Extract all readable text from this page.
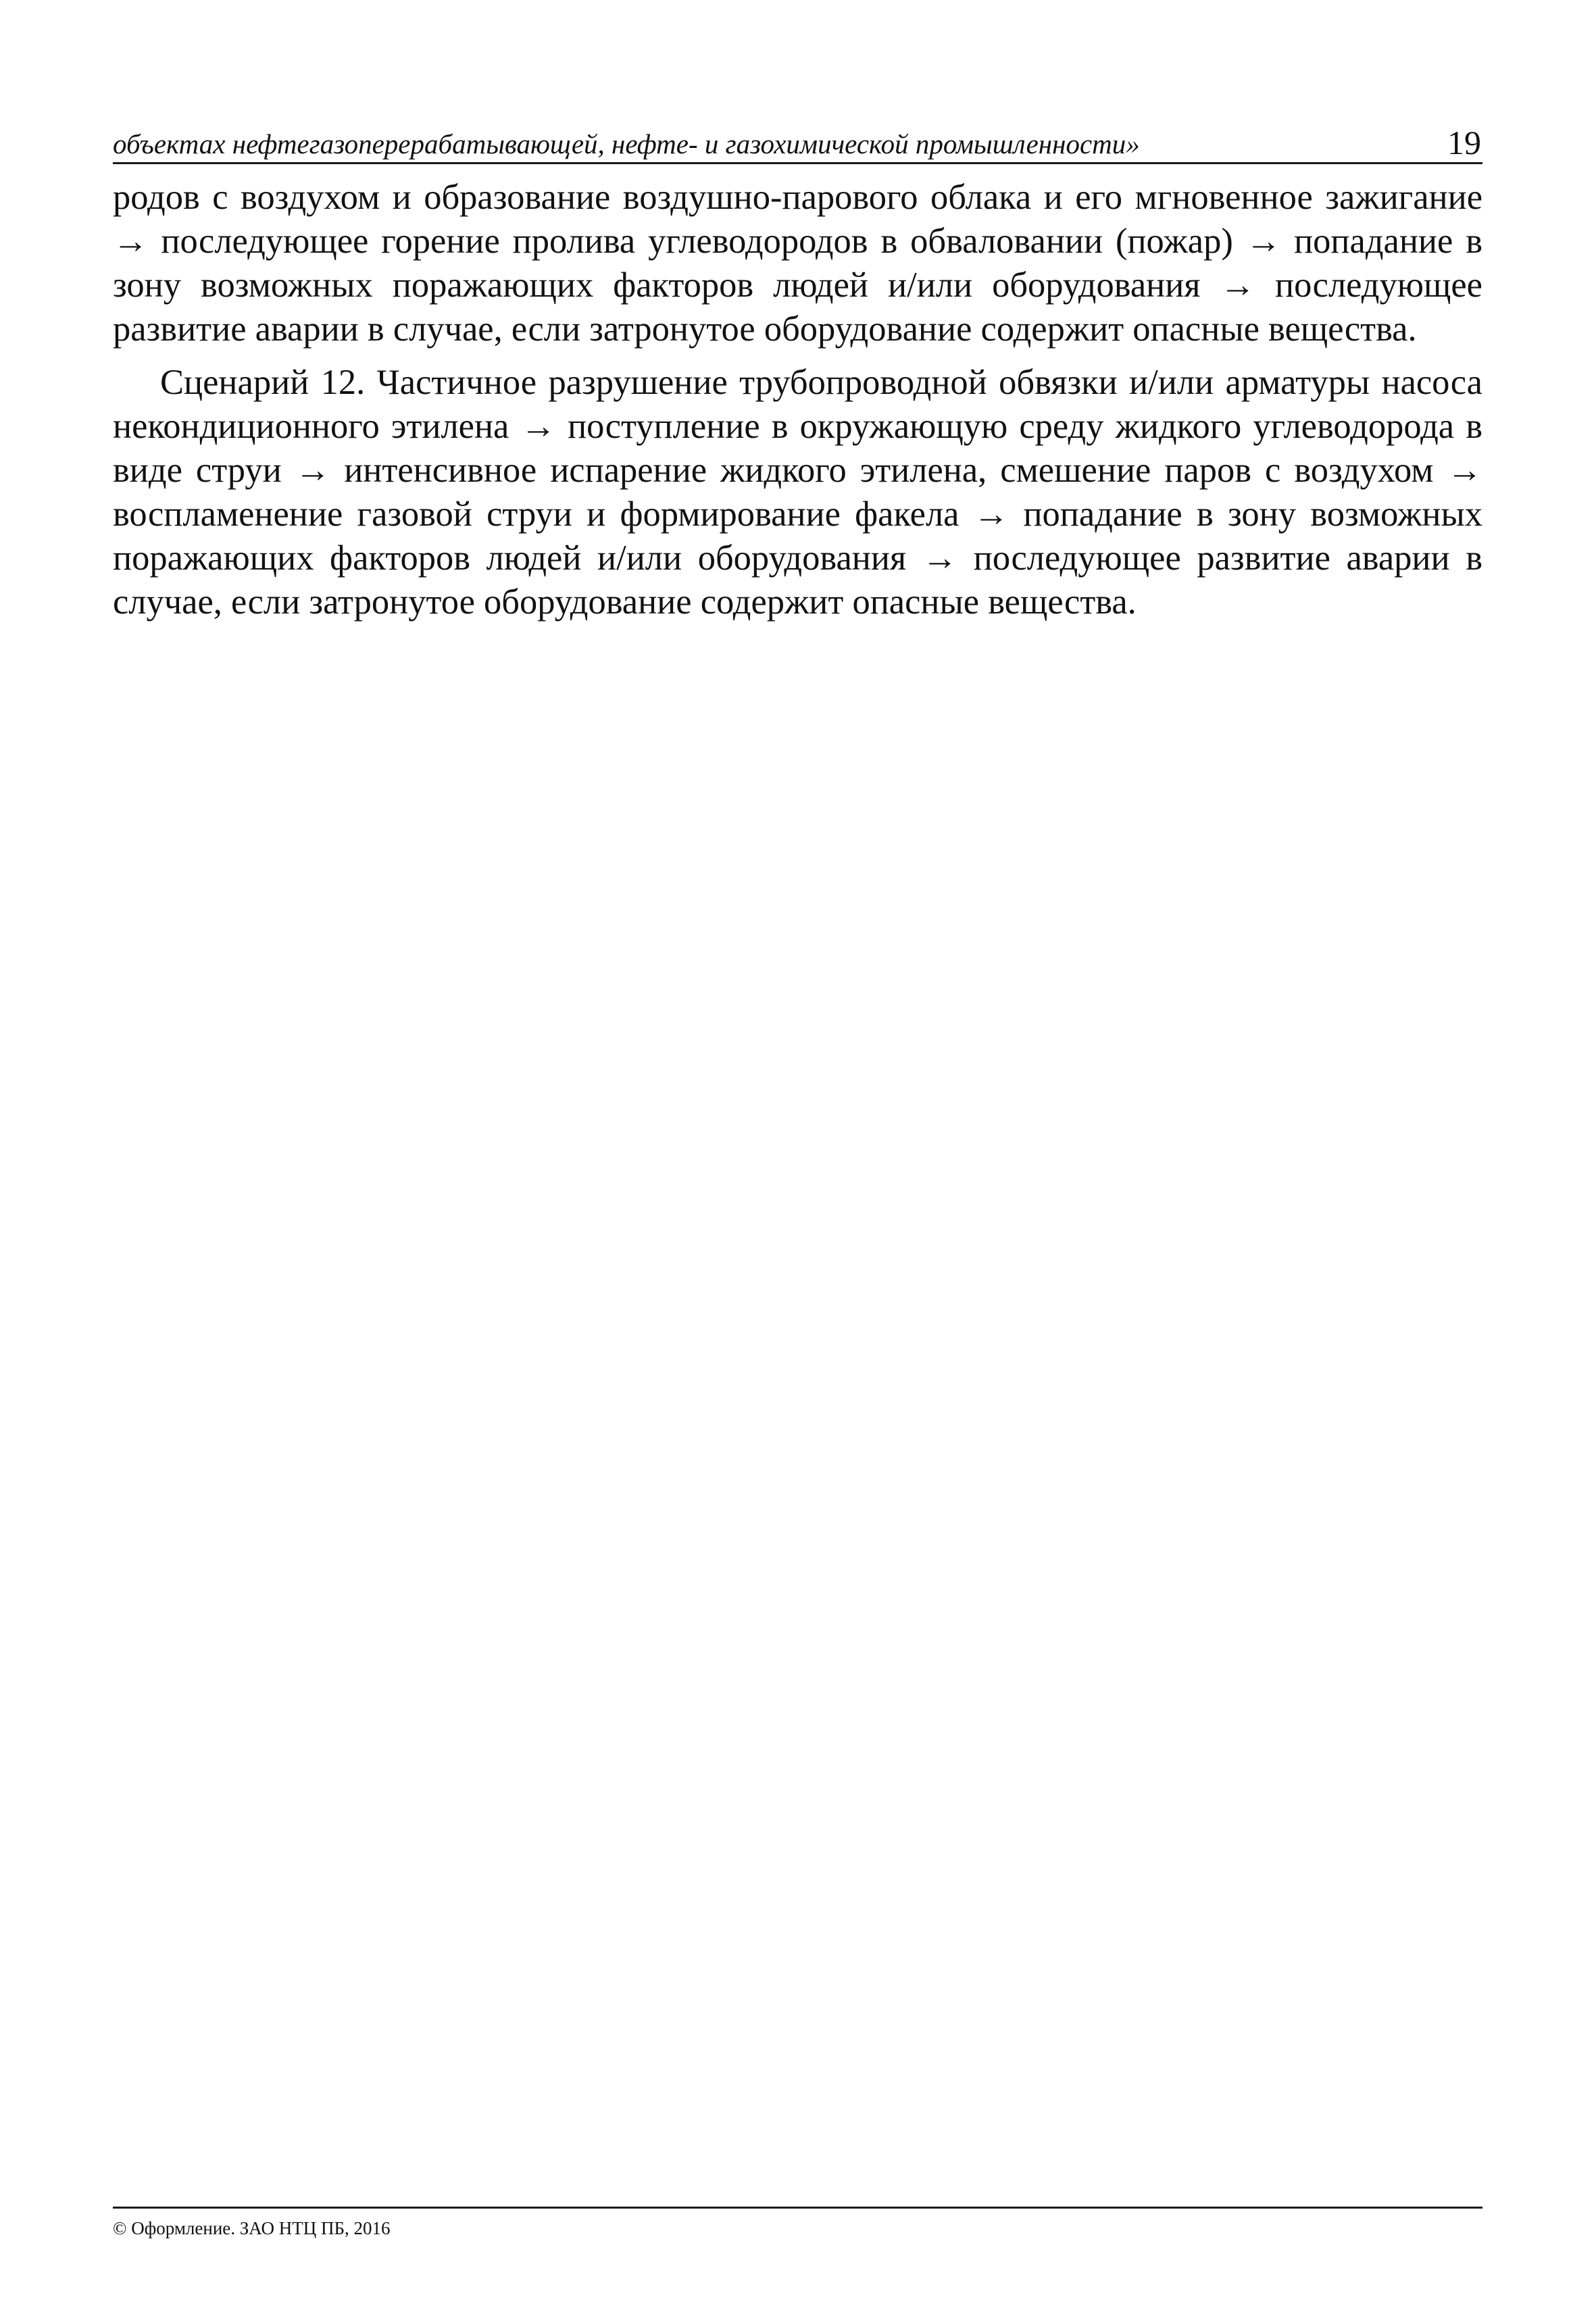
объектах нефтегазоперерабатывающей, нефте- и газохимической промышленности»	19

родов с воздухом и образование воздушно-парового облака и его мгновенное зажигание → последующее горение пролива углеводородов в обваловании (пожар) → попадание в зону возможных поражающих факторов людей и/или оборудования → последующее развитие аварии в случае, если затронутое оборудование содержит опасные вещества.

Сценарий 12. Частичное разрушение трубопроводной обвязки и/или арматуры насоса некондиционного этилена → поступление в окружающую среду жидкого углеводорода в виде струи → интенсивное испарение жидкого этилена, смешение паров с воздухом → воспламенение газовой струи и формирование факела → попадание в зону возможных поражающих факторов людей и/или оборудования → последующее развитие аварии в случае, если затронутое оборудование содержит опасные вещества.

© Оформление. ЗАО НТЦ ПБ, 2016
